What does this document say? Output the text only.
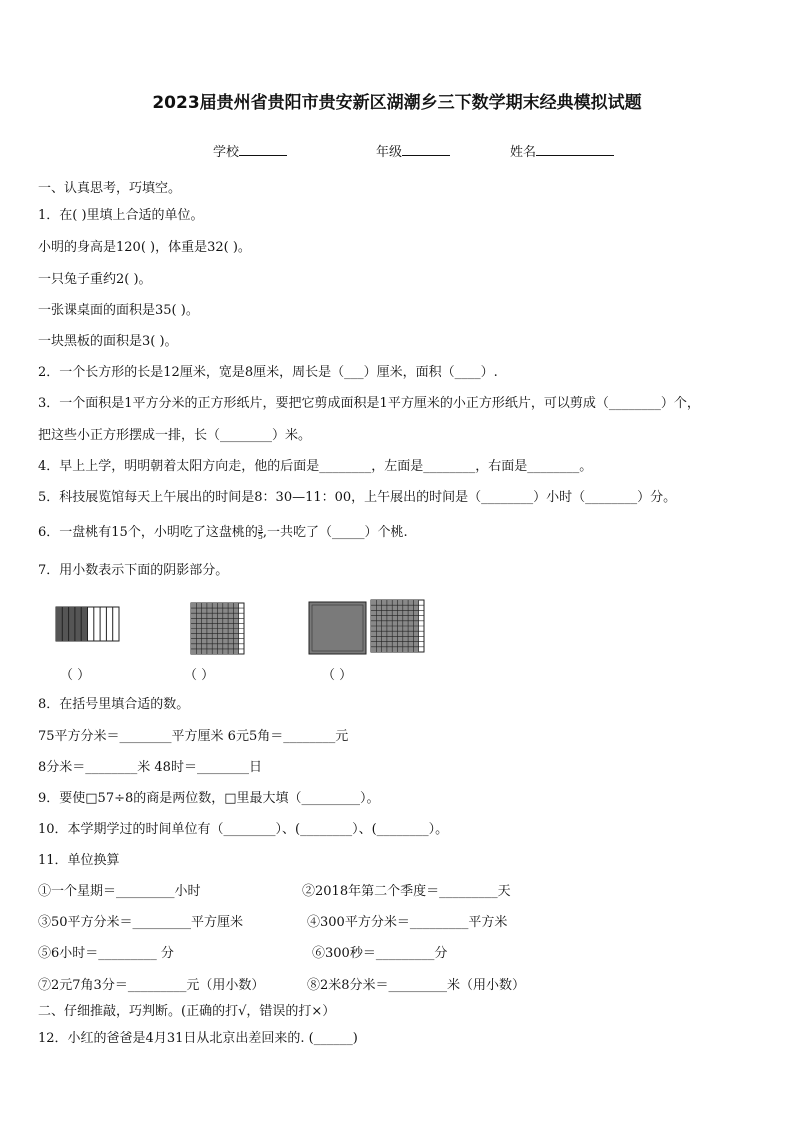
2023届贵州省贵阳市贵安新区湖潮乡三下数学期末经典模拟试题
学校	年级	姓名
一、认真思考，巧填空。
1．在( )里填上合适的单位。
小明的身高是120( )，体重是32( )。
一只兔子重约2( )。
一张课桌面的面积是35( )。
一块黑板的面积是3( )。
2．一个长方形的长是12厘米，宽是8厘米，周长是（___）厘米，面积（____）.
3．一个面积是1平方分米的正方形纸片，要把它剪成面积是1平方厘米的小正方形纸片，可以剪成（________）个，
把这些小正方形摆成一排，长（________）米。
4．早上上学，明明朝着太阳方向走，他的后面是________，左面是________，右面是________。
5．科技展览馆每天上午展出的时间是8：30—11：00，上午展出的时间是（________）小时（________）分。
6．一盘桃有15个，小明吃了这盘桃的 $\frac{3}{5}$ ,一共吃了（_____）个桃.
7．用小数表示下面的阴影部分。
（ ）	（ ）	（ ）
8．在括号里填合适的数。
75平方分米＝________平方厘米 6元5角＝________元
8分米＝________米 48时＝________日
9．要使□57÷8的商是两位数，□里最大填（_________）。
10．本学期学过的时间单位有（________）、(________）、(________）。
11．单位换算
①一个星期＝_________小时	②2018年第二个季度＝_________天
③50平方分米＝_________平方厘米	④300平方分米＝_________平方米
⑤6小时＝_________ 分	⑥300秒＝_________分
⑦2元7角3分＝_________元（用小数）	⑧2米8分米＝_________米（用小数）
二、仔细推敲，巧判断。(正确的打√，错误的打×）
12．小红的爸爸是4月31日从北京出差回来的. (______)
